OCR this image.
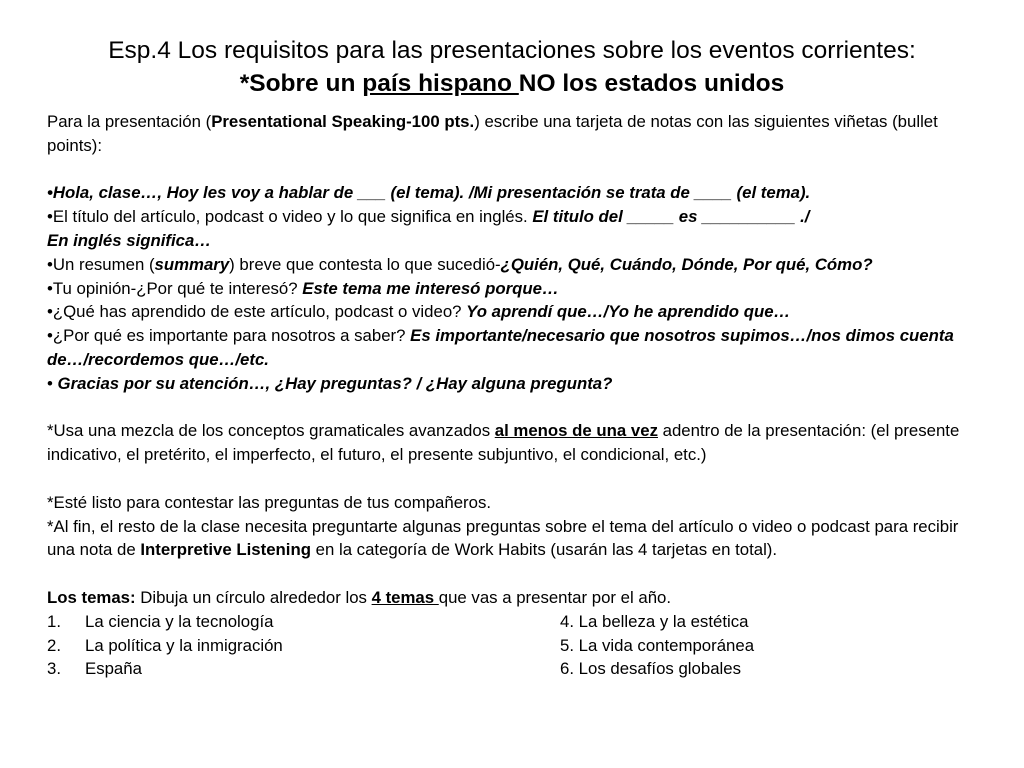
Esp.4 Los requisitos para las presentaciones sobre los eventos corrientes:
*Sobre un país hispano NO los estados unidos

Para la presentación (Presentational Speaking-100 pts.) escribe una tarjeta de notas con las siguientes viñetas (bullet points):

•Hola, clase…, Hoy les voy a hablar de ___ (el tema). /Mi presentación se trata de ____ (el tema).

•El título del artículo, podcast o video y lo que significa en inglés. El titulo del _____ es __________ ./
En inglés significa…

•Un resumen (summary) breve que contesta lo que sucedió-¿Quién, Qué, Cuándo, Dónde, Por qué, Cómo?

•Tu opinión-¿Por qué te interesó? Este tema me interesó porque…

•¿Qué has aprendido de este artículo, podcast o video? Yo aprendí que…/Yo he aprendido que…

•¿Por qué es importante para nosotros a saber? Es importante/necesario que nosotros supimos…/nos dimos cuenta de…/recordemos que…/etc.

• Gracias por su atención…, ¿Hay preguntas? / ¿Hay alguna pregunta?

*Usa una mezcla de los conceptos gramaticales avanzados al menos de una vez adentro de la presentación: (el presente indicativo, el pretérito, el imperfecto, el futuro, el presente subjuntivo, el condicional, etc.)

*Esté listo para contestar las preguntas de tus compañeros.

*Al fin, el resto de la clase necesita preguntarte algunas preguntas sobre el tema del artículo o video o podcast para recibir una nota de Interpretive Listening en la categoría de Work Habits (usarán las 4 tarjetas en total).

Los temas: Dibuja un círculo alrededor los 4 temas que vas a presentar por el año.

1.	La ciencia y la tecnología	4. La belleza y la estética
2.	La política y la inmigración	5. La vida contemporánea
3.	España	6. Los desafíos globales
